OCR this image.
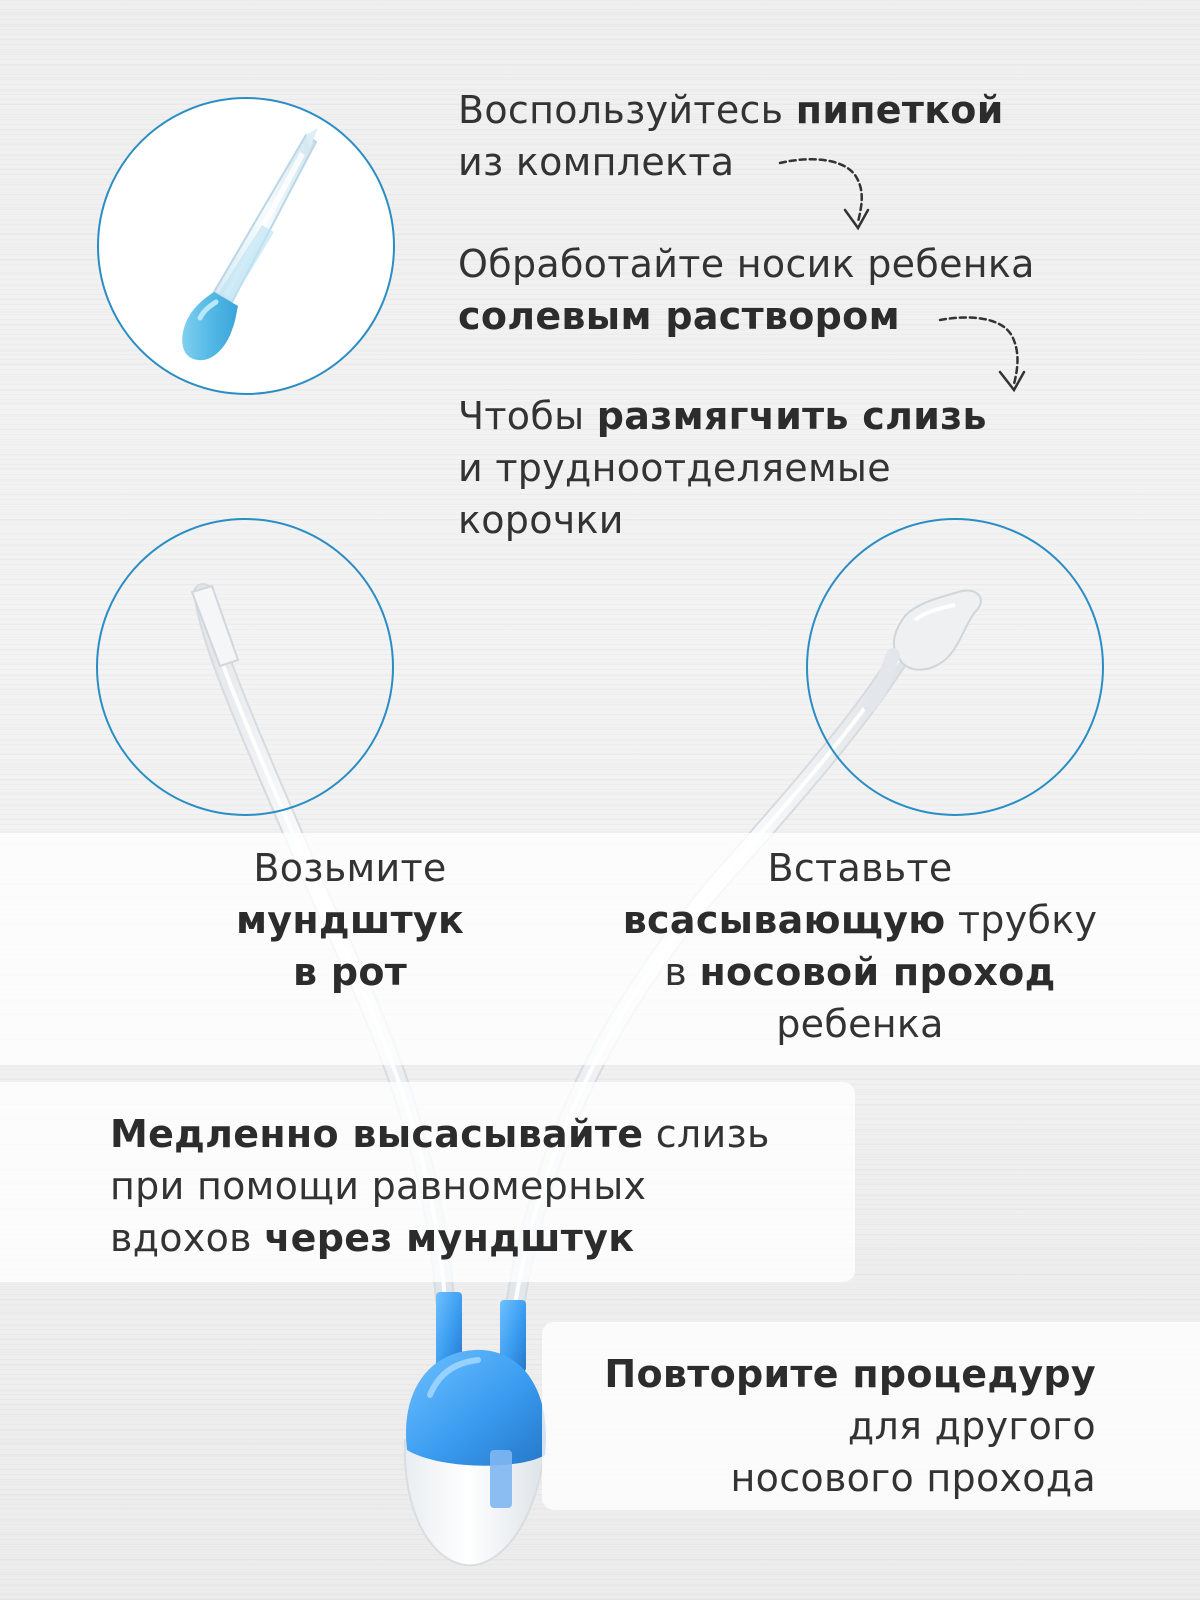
Воспользуйтесь пипеткой
из комплекта
Обработайте носик ребенка
солевым раствором
Чтобы размягчить слизь
и трудноотделяемые
корочки
Возьмите
мундштук
в рот
Вставьте
всасывающую трубку
в носовой проход
ребенка
Медленно высасывайте слизь
при помощи равномерных
вдохов через мундштук
Повторите процедуру
для другого
носового прохода
